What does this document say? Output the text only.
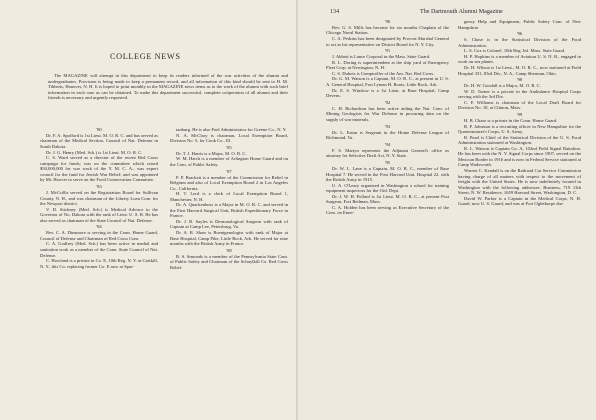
COLLEGE NEWS

The MAGAZINE will attempt in this department to keep its readers informed of the war activities of the alumni and undergraduates. Provision is being made to keep a permanent record, and all information of this kind should be sent to H. M. Tibbetts, Hanover, N. H. It is hoped to print monthly in the MAGAZINE news items as to the work of the alumni with such brief information in each case as can be obtained. To make this department successful, complete coöperation of all alumni and their friends is necessary and urgently requested.

'80

Dr. F. A. Spofford is 1st Lieut. M. O. R. C. and has served as chairman of the Medical Section, Council of Nat. Defense in South Dakota.

Dr. J. G. Henry (Med. Sch.) is 1st Lieut. M. O. R. C.

C. S. Ward served as a director of the recent Red Cross campaign for funds; was on the committee which raised $50,000,000 for war work of the Y. M. C. A.; was expert council for the fund for Jewish War Relief; and was appointed by Mr. Hoover to serve on the Food Conservation Committee.

'83

J. McCrillis served on the Registration Board for Sullivan County, N. H., and was chairman of the Liberty Loan Com. for the Newport district.

V. D. Stickney (Med. Sch.) is Medical Advisor to the Governor of No. Dakota with the rank of Lieut. U. S. R. He has also served as chairman of the State Council of Nat. Defense.

'84

Rev. C. A. Dinsmore is serving in the Conn. Home Guard, Council of Defense and Chairman of Red Cross Com.

C. A. Godfrey (Med. Sch.) has been active in medial and sanitation work as a member of the Conn. State Council of Nat. Defense.

C. Howland is a private in Co. E, 10th Reg. N. Y. at Catskill, N. Y., this Co. replacing former Co. E now at Spar-

tanburg. He is also Fuel Administrator for Greene Co., N. Y.

N. A. McClary is chairman, Local Exemption Board, Division No. 5, for Cook Co., Ill.

'85

Dr. T. J. Harris is a Major, M. O. R. C.

W. M. Hatch is a member of Arlington Home Guard and on the Com. of Public Safety.

'87

F. P. Brackett is a member of the Commission for Relief in Belgium and also of Local Exemption Board 2 in Los Angeles Co., California.

H. T. Lord is a clerk of Local Exemption Board 1, Manchester, N. H.

Dr. A. Quackenboss is a Major in M. O. R. C. and served in the First Harvard Surgical Unit, British Expeditionary Force in France.

Dr. J. B. Sayles is Dermatological Surgeon with rank of Captain at Camp Lee, Petersburg, Va.

Dr. A. R. Shaw is Roentgenologist with rank of Major at Base Hospital, Camp Pike, Little Rock, Ark. He served for nine months with the British Army in France.

'88

B. S. Simonds is a member of the Pennsylvania State Com. of Public Safety and Chairman of the Schuylkill Co. Red Cross Relief.

134	The Dartmouth Alumni Magazine
'90

Rev. G. S. Mills has become for six months Chaplain of the Chicago Naval Station.

C. A. Perkins has been designated by Provost Marshal General to act as his representative on District Board for N. Y. City.

'91

J. Abbott is Lance Corporal in the Mass. State Guard.

R. L. Doring is superintendent at the ship yard of Emergency Fleet Corp. at Newington, N. H.

C. S. Dubois is Comptroller of the Am. Nat. Red Cross.

Dr. G. M. Watson is a Captain, M. O. R. C., at present in U. S. A. General Hospital, Fort Lyman H. Roots, Little Rock, Ark.

Dr. E. S. Winslow is a 1st Lieut. at Base Hospital, Camp Devens.

'92

C. H. Richardson has been active aiding the Nat. Com. of Mining Geologists for War Defense in procuring data on the supply of war minerals.

'93

Dr. L. Eaton is Sergeant in the Home Defense League of Richmond, Va.

'94

F. S. Martyn represents the Adjutant General's office as attorney for Selective Draft Act, N. Y. State.

'95

Dr. W. L. Lane is a Captain, M. O. R. C., member of Base Hospital 7. He served in the First Harvard Unit, Hospital 22, with the British Army in 1915.

U. A. O'Leary organized in Washington a school for training equipment inspectors for the Ord. Dept.

Dr. J. W. H. Pollard is 1st Lieut. M. O. R. C., at present Post Surgeon, Fort Redman, Mass.

C. A. Holden has been serving as Executive Secretary of the Com. on Emer-

gency Help and Equipment, Public Safety Com. of New Hampshire.

'96

S. Chase is in the Statistical Division of the Food Administration.

L. S. Cox is Colonel, 10th Reg. Inf. Mass. State Guard.

H. P. Hopkins is a member of Aviation U. S. N. R., engaged in work on sea planes.

Dr. H. Wilson is 1st Lieut., M. O. R. C., now stationed at Field Hospital 331, 83rd Div., N. A., Camp Sherman, Ohio.

'98

Dr. H. W. Goodall is a Major, M. O. R. C.

W. D. Turner is a private in the Ambulance Hospital Corps serving with the 3rd Div.

C. F. Williams is chairman of the Local Draft Board for Division No. 18, at Clinton, Mass.

'99

H. B. Chase is a private in the Conn. Home Guard.

R. P. Johnston is a recruiting officer in New Hampshire for the Quartermaster's Corps, U. S. Army.

R. Pearl is Chief of the Statistical Division of the U. S. Food Administration stationed at Washington.

R. L. Watson is Captain Co. A, 102nd Field Signal Battalion. He has been with the N. Y. Signal Corps since 1907, served on the Mexican Border in 1916 and is now in Federal Service stationed at Camp Wadsworth.

Warren C. Kendall is on the Railroad Car Service Commission having charge of all matters with respect to the movement of freight with the United States. He is now indefinitely located in Washington with the following addresses: Business, 719 13th Street, N. W. Residence, 1659 Harvard Street, Washington, D. C.

David W. Parker is a Captain in the Medical Corps, N. H. Guard, now U. S. Guard, and was at Fort Oglethorpe dur-
